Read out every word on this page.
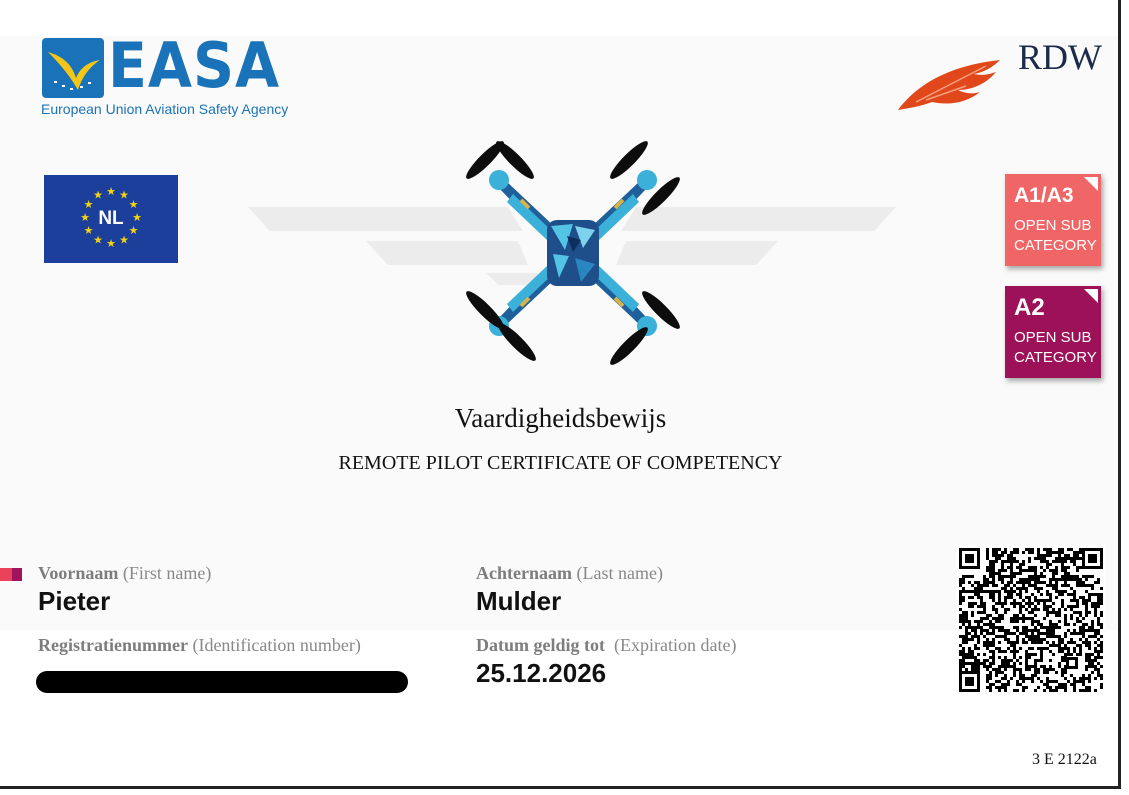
EASA
European Union Aviation Safety Agency
RDW
★ ★
★
★
★
★
★
★
★
★
★
★
NL
Vaardigheidsbewijs
REMOTE PILOT CERTIFICATE OF COMPETENCY
A1/A3
OPEN SUB
CATEGORY
A2
OPEN SUB
CATEGORY
Voornaam (First name)
Pieter
Achternaam (Last name)
Mulder
Registratienummer (Identification number)	Datum geldig tot (Expiration date)
25.12.2026
3 E 2122a
